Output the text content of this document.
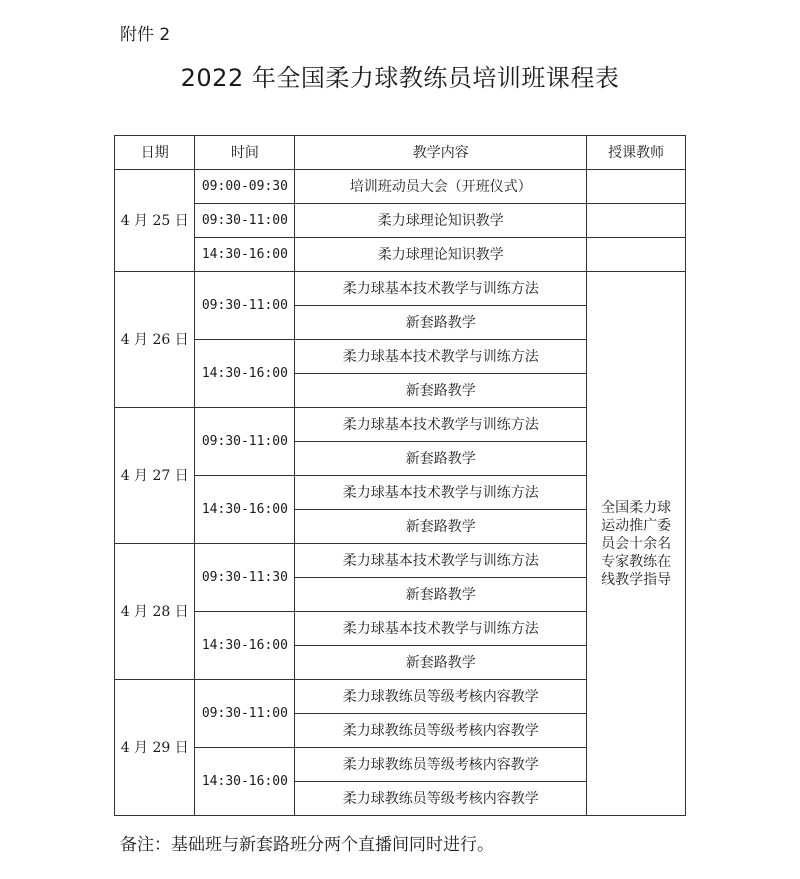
附件 2
2022 年全国柔力球教练员培训班课程表
日期	时间	教学内容	授课教师
4 月 25 日	09:00-09:30	培训班动员大会（开班仪式）	
	09:30-11:00	柔力球理论知识教学	
	14:30-16:00	柔力球理论知识教学	
4 月 26 日	09:30-11:00	柔力球基本技术教学与训练方法	全国柔力球运动推广委员会十余名专家教练在线教学指导
		新套路教学	
	14:30-16:00	柔力球基本技术教学与训练方法	
		新套路教学	
4 月 27 日	09:30-11:00	柔力球基本技术教学与训练方法	
		新套路教学	
	14:30-16:00	柔力球基本技术教学与训练方法	
		新套路教学	
4 月 28 日	09:30-11:30	柔力球基本技术教学与训练方法	
		新套路教学	
	14:30-16:00	柔力球基本技术教学与训练方法	
		新套路教学	
4 月 29 日	09:30-11:00	柔力球教练员等级考核内容教学	
		柔力球教练员等级考核内容教学	
	14:30-16:00	柔力球教练员等级考核内容教学	
		柔力球教练员等级考核内容教学	
备注：基础班与新套路班分两个直播间同时进行。
